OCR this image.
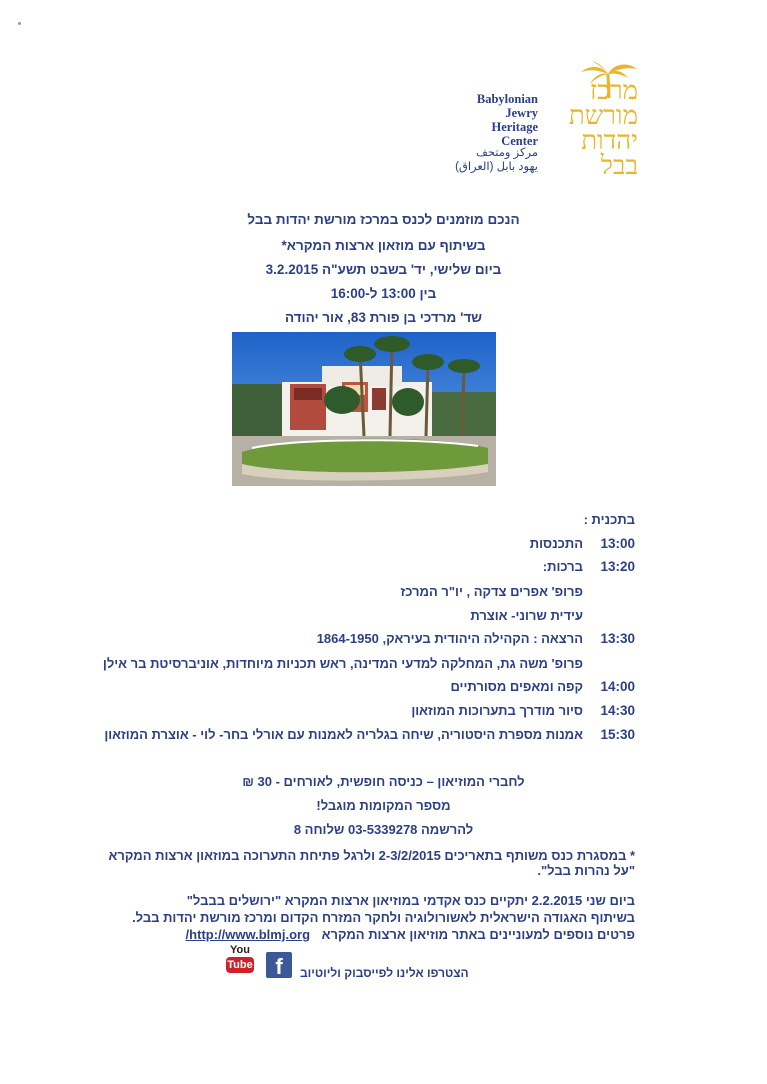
Babylonian
Jewry
Heritage
Center
مركز ومتحف
يهود بابل (العراق)
מרכז
מורשת
יהדות
בבל
הנכם מוזמנים לכנס במרכז מורשת יהדות בבל
בשיתוף עם מוזאון ארצות המקרא*
ביום שלישי, יד' בשבט תשע"ה 3.2.2015
בין 13:00 ל-16:00
שד' מרדכי בן פורת 83, אור יהודה
בתכנית :
13:00
התכנסות
13:20
ברכות:
פרופ' אפרים צדקה , יו"ר המרכז
עידית שרוני- אוצרת
13:30
הרצאה : הקהילה היהודית בעיראק, 1864-1950
פרופ' משה גת, המחלקה למדעי המדינה, ראש תכניות מיוחדות, אוניברסיטת בר אילן
14:00
קפה ומאפים מסורתיים
14:30
סיור מודרך בתערוכות המוזאון
15:30
אמנות מספרת היסטוריה, שיחה בגלריה לאמנות עם אורלי בחר- לוי - אוצרת המוזאון
לחברי המוזיאון – כניסה חופשית, לאורחים - 30 ₪
מספר המקומות מוגבל!
להרשמה 03-5339278 שלוחה 8
* במסגרת כנס משותף בתאריכים 2-3/2/2015 ולרגל פתיחת התערוכה במוזאון ארצות המקרא
"על נהרות בבל".
ביום שני 2.2.2015 יתקיים כנס אקדמי במוזיאון ארצות המקרא "ירושלים בבבל"
בשיתוף האגודה הישראלית לאשורולוגיה ולחקר המזרח הקדום ומרכז מורשת יהדות בבל.
פרטים נוספים למעוניינים באתר מוזיאון ארצות המקרא http://www.blmj.org/
You
Tube	f	הצטרפו אלינו לפייסבוק וליוטיוב
